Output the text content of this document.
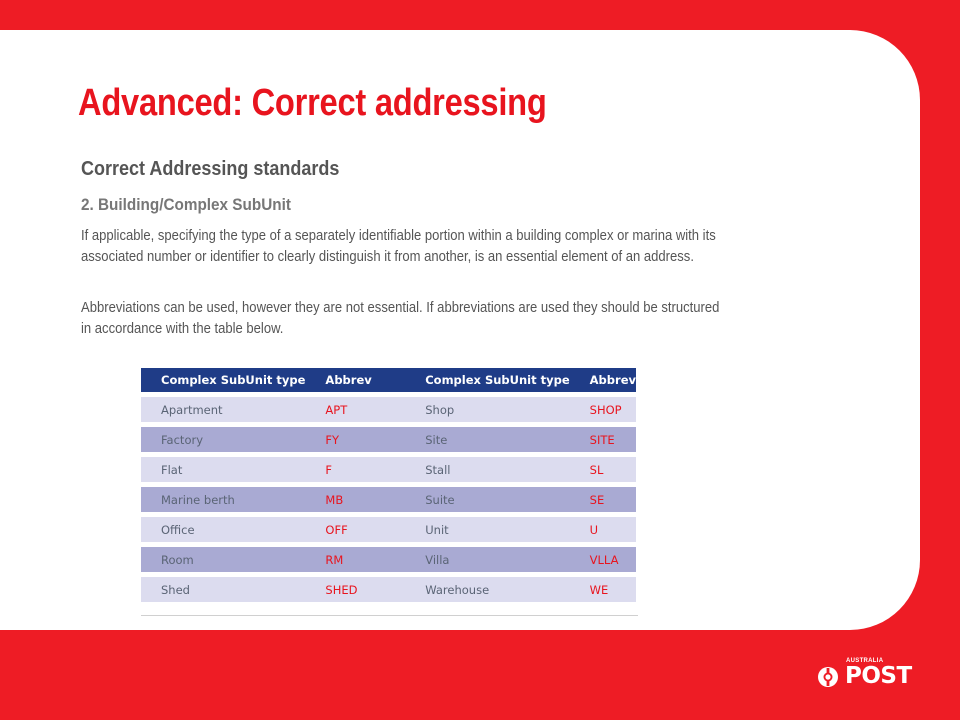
Advanced: Correct addressing
Correct Addressing standards
2. Building/Complex SubUnit

If applicable, specifying the type of a separately identifiable portion within a building complex or marina with its associated number or identifier to clearly distinguish it from another, is an essential element of an address.

Abbreviations can be used, however they are not essential. If abbreviations are used they should be structured in accordance with the table below.

Complex SubUnit type	Abbrev	Complex SubUnit type	Abbrev
Apartment	APT	Shop	SHOP
Factory	FY	Site	SITE
Flat	F	Stall	SL
Marine berth	MB	Suite	SE
Office	OFF	Unit	U
Room	RM	Villa	VLLA
Shed	SHED	Warehouse	WE
AUSTRALIA
POST
